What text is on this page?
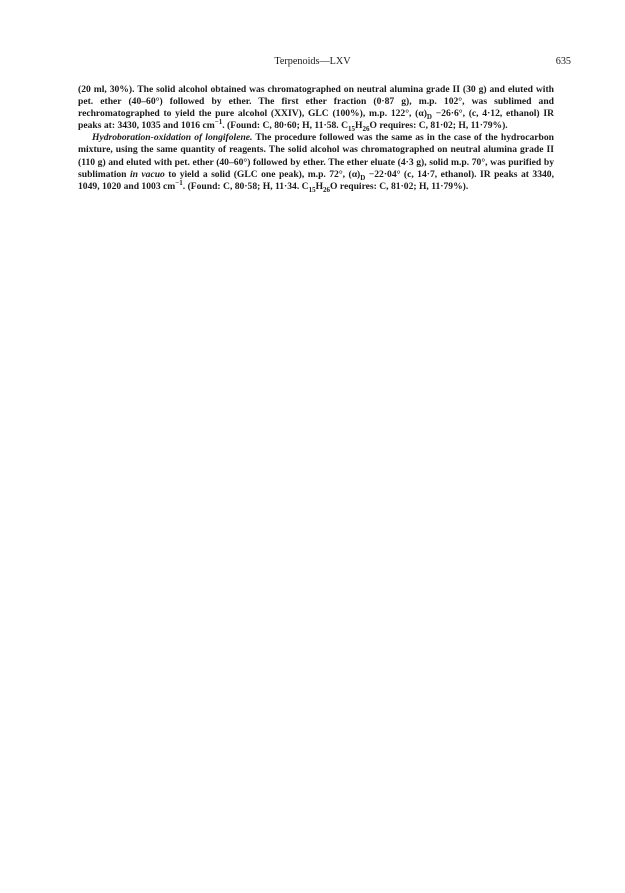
Terpenoids—LXV	635

(20 ml, 30%). The solid alcohol obtained was chromatographed on neutral alumina grade II (30 g) and eluted with pet. ether (40–60°) followed by ether. The first ether fraction (0·87 g), m.p. 102°, was sublimed and rechromatographed to yield the pure alcohol (XXIV), GLC (100%), m.p. 122°, $(\alpha)_D -26\cdot 6^\circ$, (c, 4·12, ethanol) IR peaks at: 3430, 1035 and 1016 $cm^{-1}$. (Found: C, 80·60; H, 11·58. $C_{15}H_{26}O$ requires: C, 81·02; H, 11·79%).

Hydroboration-oxidation of longifolene. The procedure followed was the same as in the case of the hydrocarbon mixture, using the same quantity of reagents. The solid alcohol was chromatographed on neutral alumina grade II (110 g) and eluted with pet. ether (40–60°) followed by ether. The ether eluate (4·3 g), solid m.p. 70°, was purified by sublimation in vacuo to yield a solid (GLC one peak), m.p. 72°, $(\alpha)_D -22\cdot 04^\circ$ (c, 14·7, ethanol). IR peaks at 3340, 1049, 1020 and 1003 $cm^{-1}$. (Found: C, 80·58; H, 11·34. $C_{15}H_{26}O$ requires: C, 81·02; H, 11·79%).
